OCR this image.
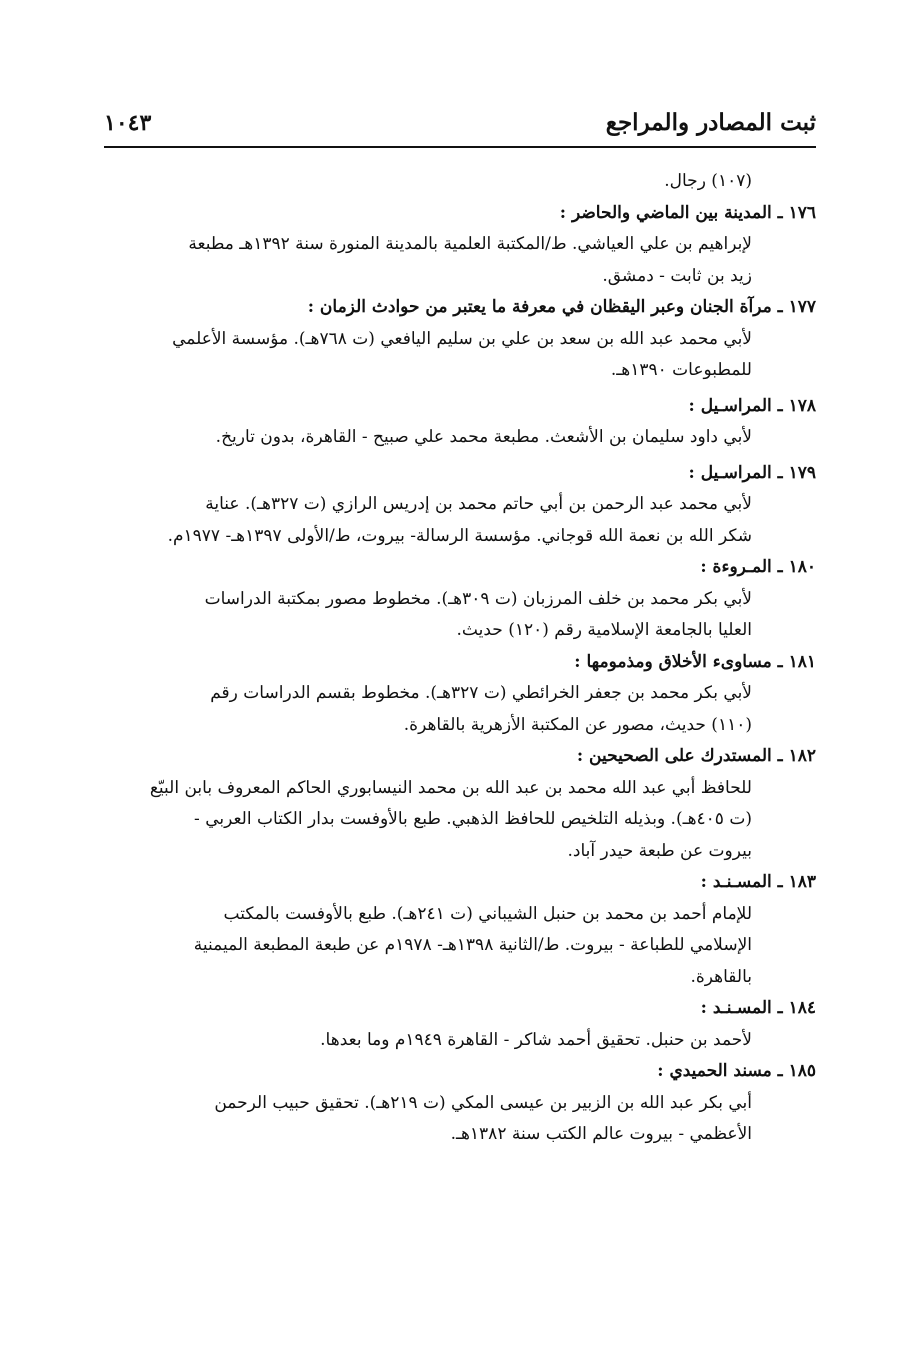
ثبت المصادر والمراجع
١٠٤٣
(١٠٧) رجال.
١٧٦ ـ المدينة بين الماضي والحاضر :
لإبراهيم بن علي العياشي. ط/المكتبة العلمية بالمدينة المنورة سنة ١٣٩٢هـ مطبعة
زيد بن ثابت - دمشق.
١٧٧ ـ مرآة الجنان وعبر اليقظان في معرفة ما يعتبر من حوادث الزمان :
لأبي محمد عبد الله بن سعد بن علي بن سليم اليافعي (ت ٧٦٨هـ). مؤسسة الأعلمي
للمطبوعات ١٣٩٠هـ.
١٧٨ ـ المراسـيل :
لأبي داود سليمان بن الأشعث. مطبعة محمد علي صبيح - القاهرة، بدون تاريخ.
١٧٩ ـ المراسـيل :
لأبي محمد عبد الرحمن بن أبي حاتم محمد بن إدريس الرازي (ت ٣٢٧هـ). عناية
شكر الله بن نعمة الله قوجاني. مؤسسة الرسالة- بيروت، ط/الأولى ١٣٩٧هـ- ١٩٧٧م.
١٨٠ ـ المـروءة :
لأبي بكر محمد بن خلف المرزبان (ت ٣٠٩هـ). مخطوط مصور بمكتبة الدراسات
العليا بالجامعة الإسلامية رقم (١٢٠) حديث.
١٨١ ـ مساوىء الأخلاق ومذمومها :
لأبي بكر محمد بن جعفر الخرائطي (ت ٣٢٧هـ). مخطوط بقسم الدراسات رقم
(١١٠) حديث، مصور عن المكتبة الأزهرية بالقاهرة.
١٨٢ ـ المستدرك على الصحيحين :
للحافظ أبي عبد الله محمد بن عبد الله بن محمد النيسابوري الحاكم المعروف بابن البيّع
(ت ٤٠٥هـ). وبذيله التلخيص للحافظ الذهبي. طبع بالأوفست بدار الكتاب العربي -
بيروت عن طبعة حيدر آباد.
١٨٣ ـ المسـنـد :
للإمام أحمد بن محمد بن حنبل الشيباني (ت ٢٤١هـ). طبع بالأوفست بالمكتب
الإسلامي للطباعة - بيروت. ط/الثانية ١٣٩٨هـ- ١٩٧٨م عن طبعة المطبعة الميمنية
بالقاهرة.
١٨٤ ـ المسـنـد :
لأحمد بن حنبل. تحقيق أحمد شاكر - القاهرة ١٩٤٩م وما بعدها.
١٨٥ ـ مسند الحميدي :
أبي بكر عبد الله بن الزبير بن عيسى المكي (ت ٢١٩هـ). تحقيق حبيب الرحمن
الأعظمي - بيروت عالم الكتب سنة ١٣٨٢هـ.
